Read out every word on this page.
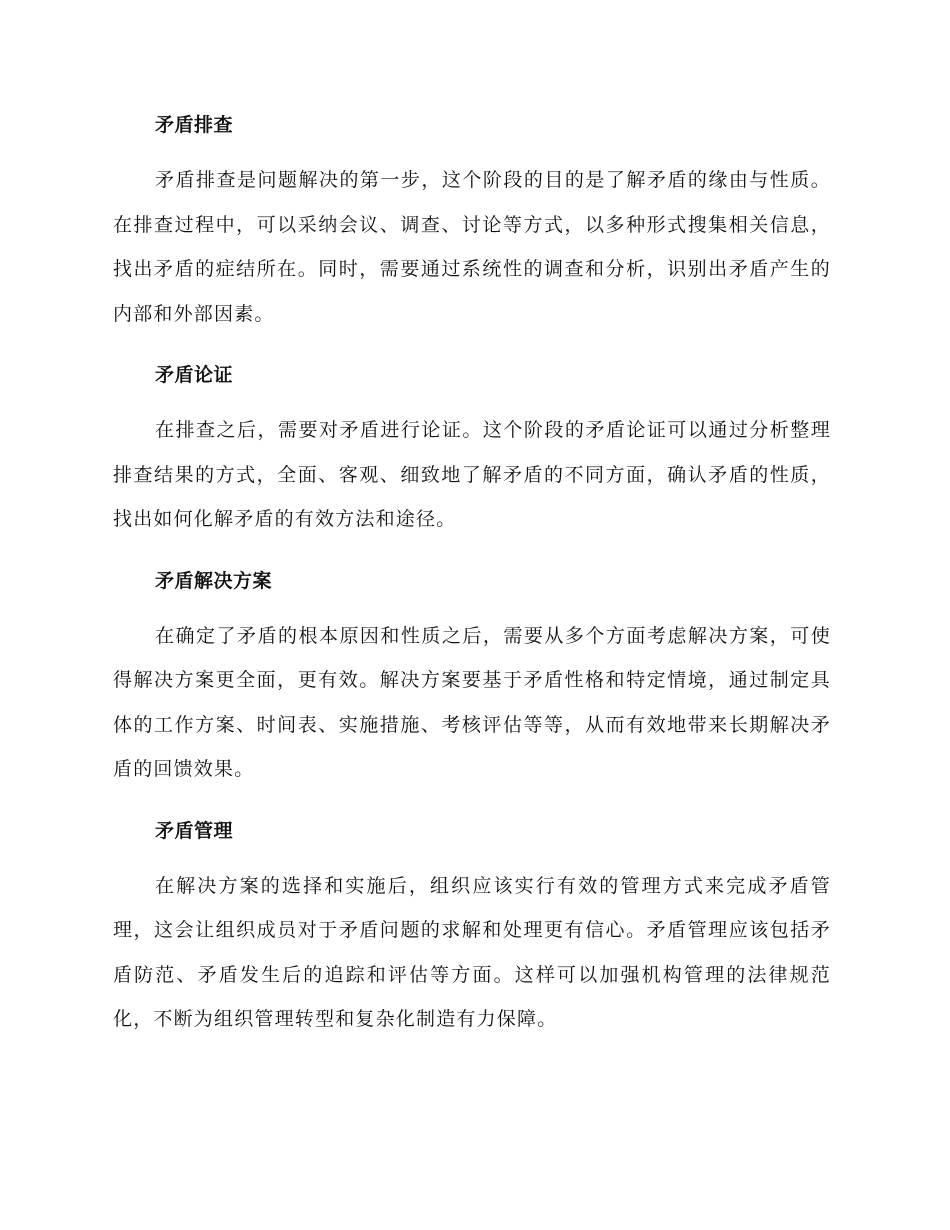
矛盾排查

矛盾排查是问题解决的第一步，这个阶段的目的是了解矛盾的缘由与性质。在排查过程中，可以采纳会议、调查、讨论等方式，以多种形式搜集相关信息，找出矛盾的症结所在。同时，需要通过系统性的调查和分析，识别出矛盾产生的内部和外部因素。

矛盾论证

在排查之后，需要对矛盾进行论证。这个阶段的矛盾论证可以通过分析整理排查结果的方式，全面、客观、细致地了解矛盾的不同方面，确认矛盾的性质，找出如何化解矛盾的有效方法和途径。

矛盾解决方案

在确定了矛盾的根本原因和性质之后，需要从多个方面考虑解决方案，可使得解决方案更全面，更有效。解决方案要基于矛盾性格和特定情境，通过制定具体的工作方案、时间表、实施措施、考核评估等等，从而有效地带来长期解决矛盾的回馈效果。

矛盾管理

在解决方案的选择和实施后，组织应该实行有效的管理方式来完成矛盾管理，这会让组织成员对于矛盾问题的求解和处理更有信心。矛盾管理应该包括矛盾防范、矛盾发生后的追踪和评估等方面。这样可以加强机构管理的法律规范化，不断为组织管理转型和复杂化制造有力保障。
